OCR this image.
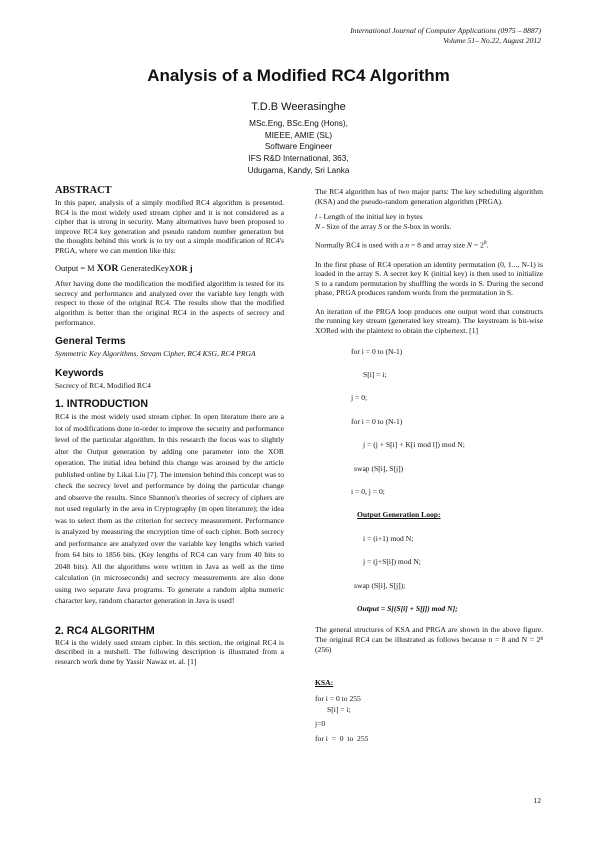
International Journal of Computer Applications (0975 – 8887)
Volume 51– No.22, August 2012
Analysis of a Modified RC4 Algorithm
T.D.B Weerasinghe
MSc.Eng, BSc.Eng (Hons),
MIEEE, AMIE (SL)
Software Engineer
IFS R&D International, 363,
Udugama, Kandy, Sri Lanka
ABSTRACT

In this paper, analysis of a simply modified RC4 algorithm is presented. RC4 is the most widely used stream cipher and it is not considered as a cipher that is strong in security. Many alternatives have been proposed to improve RC4 key generation and pseudo random number generation but the thoughts behind this work is to try out a simple modification of RC4's PRGA, where we can mention like this:

Output = M XOR GeneratedKeyXOR j

After having done the modification the modified algorithm is tested for its secrecy and performance and analyzed over the variable key length with respect to those of the original RC4. The results show that the modified algorithm is better than the original RC4 in the aspects of secrecy and performance.

General Terms

Symmetric Key Algorithms, Stream Cipher, RC4 KSG, RC4 PRGA

Keywords

Secrecy of RC4, Modified RC4

1. INTRODUCTION

RC4 is the most widely used stream cipher. In open literature there are a lot of modifications done in-order to improve the security and performance level of the particular algorithm. In this research the focus was to slightly alter the Output generation by adding one parameter into the XOR operation. The initial idea behind this change was aroused by the article published online by Likai Liu [7]. The intension behind this concept was to check the secrecy level and performance by doing the particular change and observe the results. Since Shannon's theories of secrecy of ciphers are not used regularly in the area in Cryptography (in open literature); the idea was to select them as the criterion for secrecy measurement. Performance is analyzed by measuring the encryption time of each cipher. Both secrecy and performance are analyzed over the variable key lengths which varied from 64 bits to 1856 bits. (Key lengths of RC4 can vary from 40 bits to 2048 bits). All the algorithms were written in Java as well as the time calculation (in microseconds) and secrecy measurements are also done using two separate Java programs. To generate a random alpha numeric character key, random character generation in Java is used!

2. RC4 ALGORITHM

RC4 is the widely used stream cipher. In this section, the original RC4 is described in a nutshell. The following description is illustrated from a research work done by Yassir Nawaz et. al. [1]

The RC4 algorithm has of two major parts: The key scheduling algorithm (KSA) and the pseudo-random generation algorithm (PRGA).

l - Length of the initial key in bytes

N - Size of the array S or the S-box in words.

Normally RC4 is used with a n = 8 and array size $N = 2^8$.

In the first phase of RC4 operation an identity permutation (0, 1..., N-1) is loaded in the array S. A secret key K (initial key) is then used to initialize S to a random permutation by shuffling the words in S. During the second phase, PRGA produces random words from the permutation in S.

An iteration of the PRGA loop produces one output word that constructs the running key stream (generated key stream). The keystream is bit-wise XORed with the plaintext to obtain the ciphertext. [1]

for i = 0 to (N-1)
S[i] = i;
j = 0;
for i = 0 to (N-1)
j = (j + S[i] + K[i mod l]) mod N;
swap (S[i], S[j])
i = 0, j = 0;
Output Generation Loop:
i = (i+1) mod N;
j = (j+S[i]) mod N;
swap (S[i], S[j]);
Output = S[(S[i] + S[j]) mod N];

The general structures of KSA and PRGA are shown in the above figure. The original RC4 can be illustrated as follows because n = 8 and N = 2⁸ (256)

KSA:
for i = 0 to 255
S[i] = i;
j=0
for i  =  0  to  255
12
